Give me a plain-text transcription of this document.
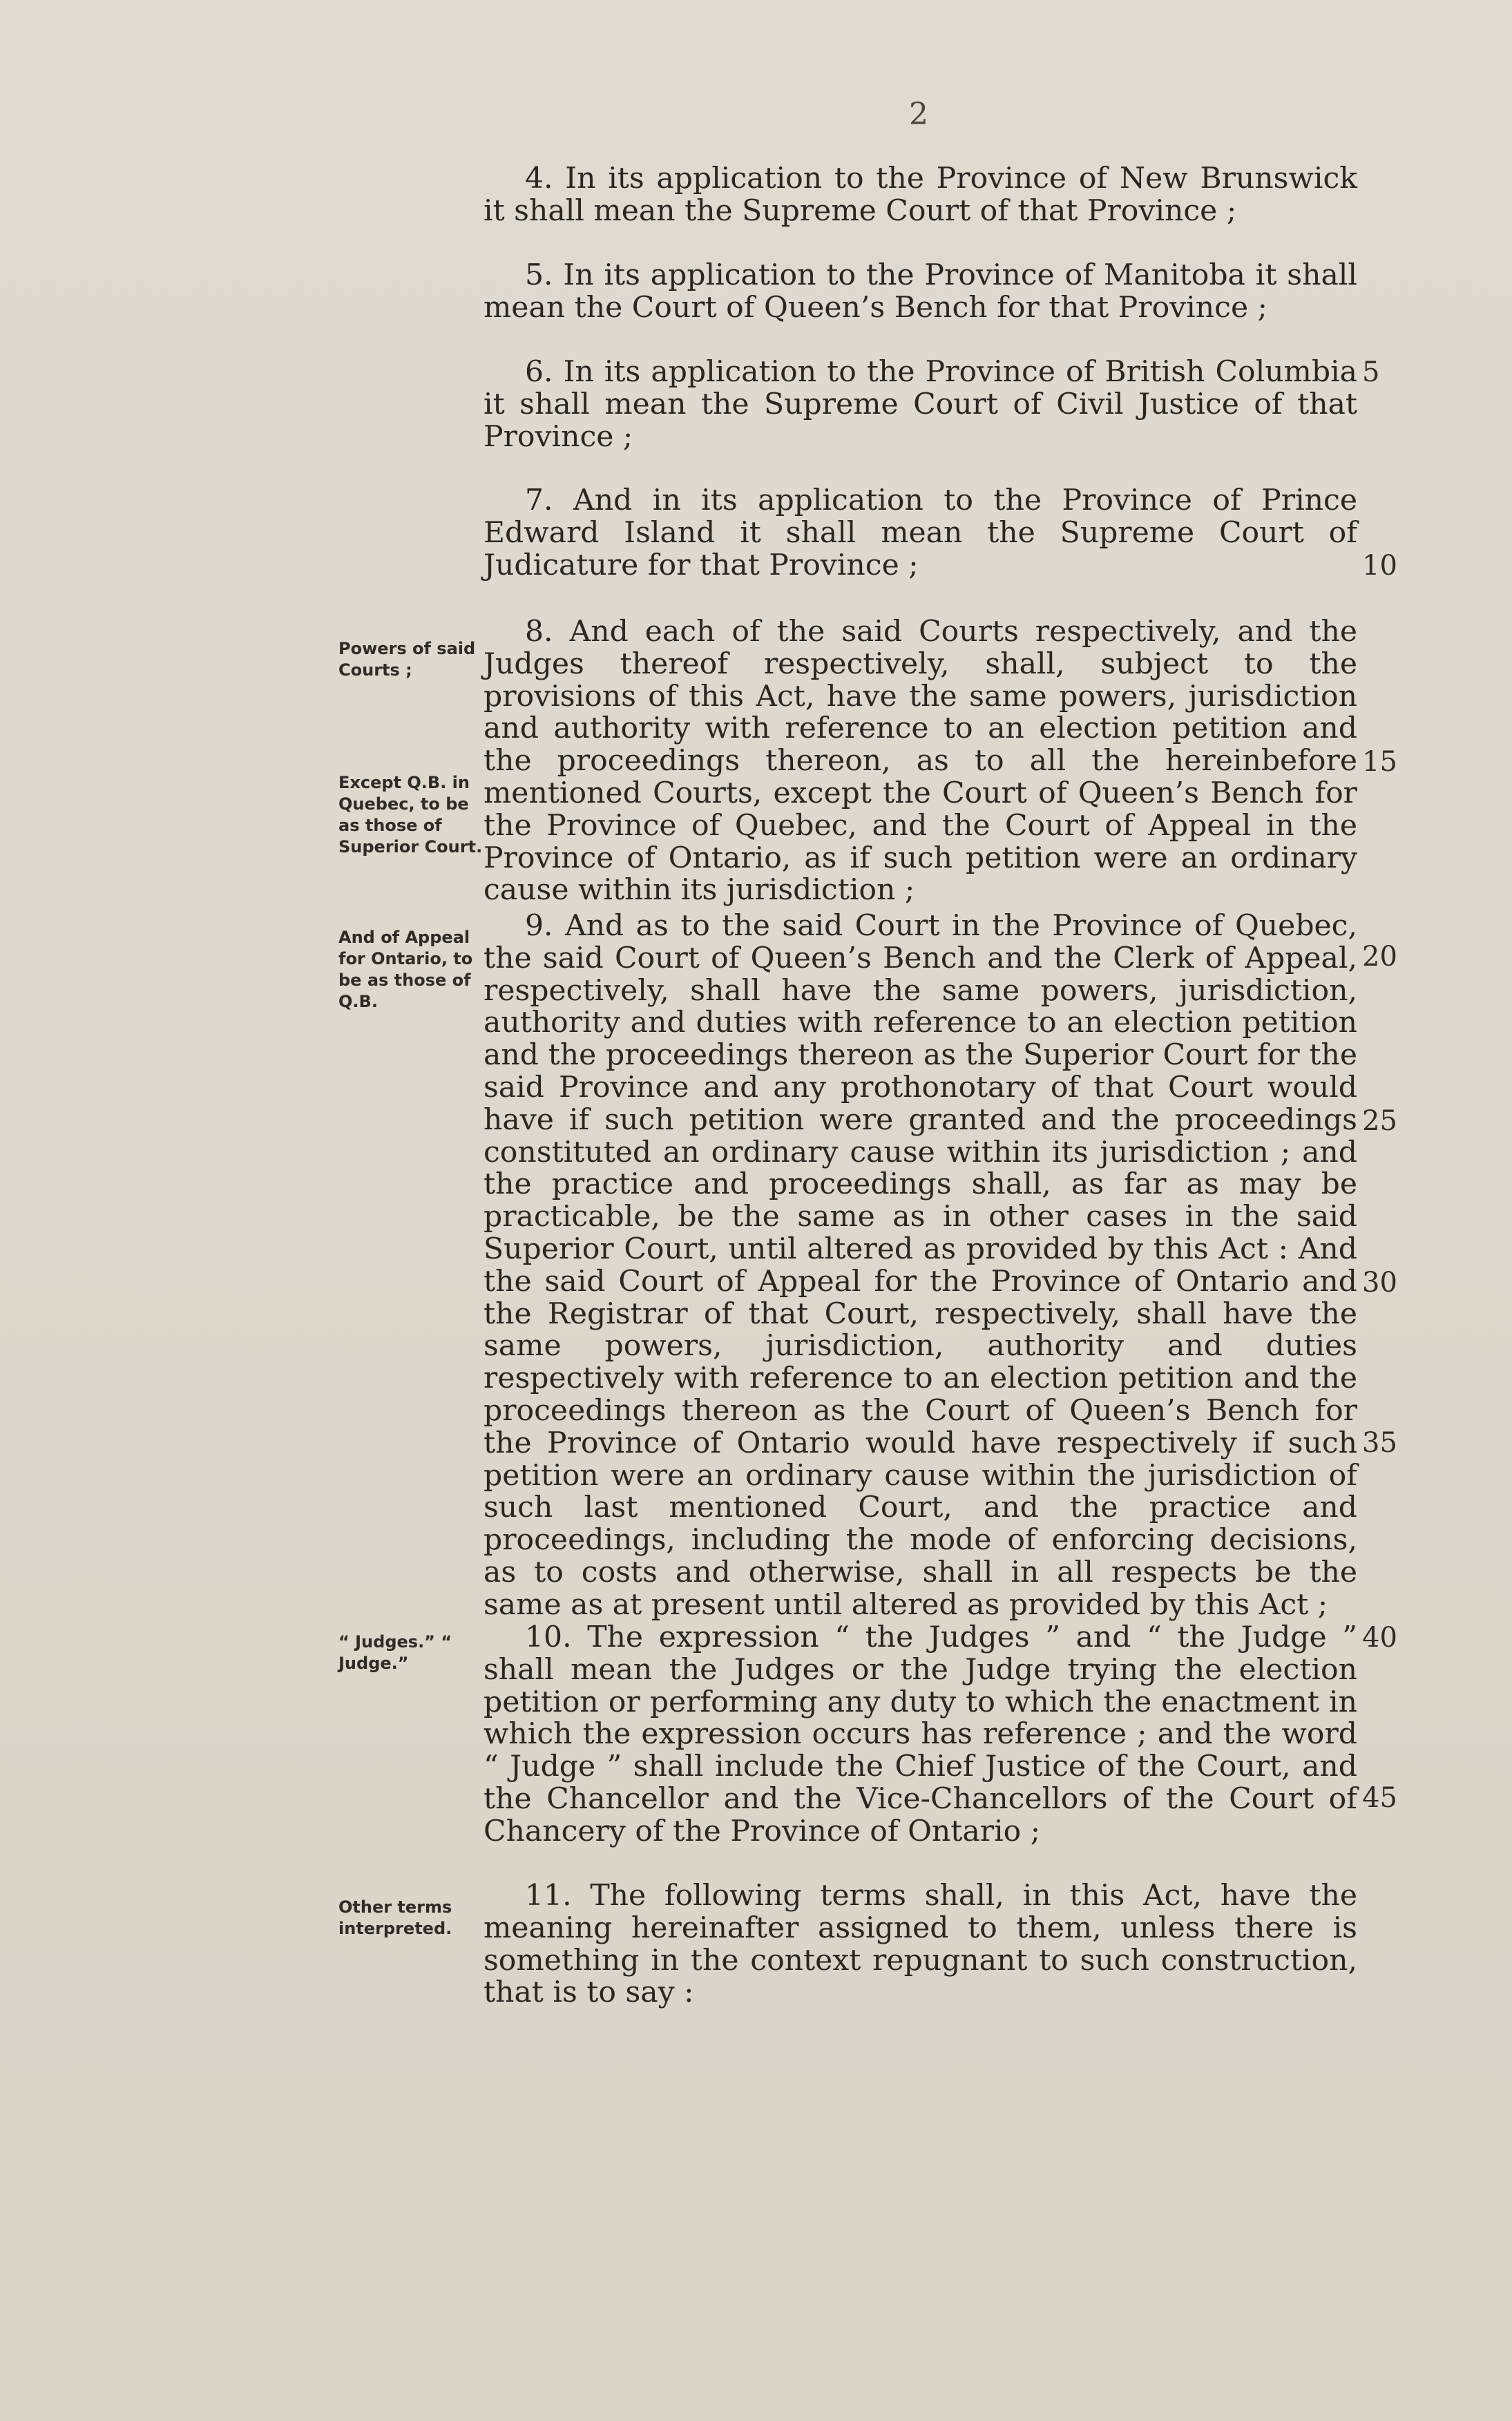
2

4. In its application to the Province of New Brunswick it shall mean the Supreme Court of that Province ;

5. In its application to the Province of Manitoba it shall mean the Court of Queen’s Bench for that Province ;

6. In its application to the Province of British Columbia it shall mean the Supreme Court of Civil Justice of that Province ;

7. And in its application to the Province of Prince Edward Island it shall mean the Supreme Court of Judicature for that Province ;

8. And each of the said Courts respectively, and the Judges thereof respectively, shall, subject to the provisions of this Act, have the same powers, jurisdiction and authority with reference to an election petition and the proceedings thereon, as to all the hereinbefore mentioned Courts, except the Court of Queen’s Bench for the Province of Quebec, and the Court of Appeal in the Province of Ontario, as if such petition were an ordinary cause within its jurisdiction ;

9. And as to the said Court in the Province of Quebec, the said Court of Queen’s Bench and the Clerk of Appeal, respectively, shall have the same powers, jurisdiction, authority and duties with reference to an election petition and the proceedings thereon as the Superior Court for the said Province and any prothonotary of that Court would have if such petition were granted and the proceedings constituted an ordinary cause within its jurisdiction ; and the practice and proceedings shall, as far as may be practicable, be the same as in other cases in the said Superior Court, until altered as provided by this Act : And the said Court of Appeal for the Province of Ontario and the Registrar of that Court, respectively, shall have the same powers, jurisdiction, authority and duties respectively with reference to an election petition and the proceedings thereon as the Court of Queen’s Bench for the Province of Ontario would have respectively if such petition were an ordinary cause within the jurisdiction of such last mentioned Court, and the practice and proceedings, including the mode of enforcing decisions, as to costs and otherwise, shall in all respects be the same as at present until altered as provided by this Act ;

10. The expression “ the Judges ” and “ the Judge ” shall mean the Judges or the Judge trying the election petition or performing any duty to which the enactment in which the expression occurs has reference ; and the word “ Judge ” shall include the Chief Justice of the Court, and the Chancellor and the Vice-Chancellors of the Court of Chancery of the Province of Ontario ;

11. The following terms shall, in this Act, have the meaning hereinafter assigned to them, unless there is something in the context repugnant to such construction, that is to say :

Powers of said Courts ;
Except Q.B. in Quebec, to be as those of Superior Court.
And of Appeal for Ontario, to be as those of Q.B.
“ Judges.” “ Judge.”
Other terms interpreted.
5
10
15
20
25
30
35
40
45
